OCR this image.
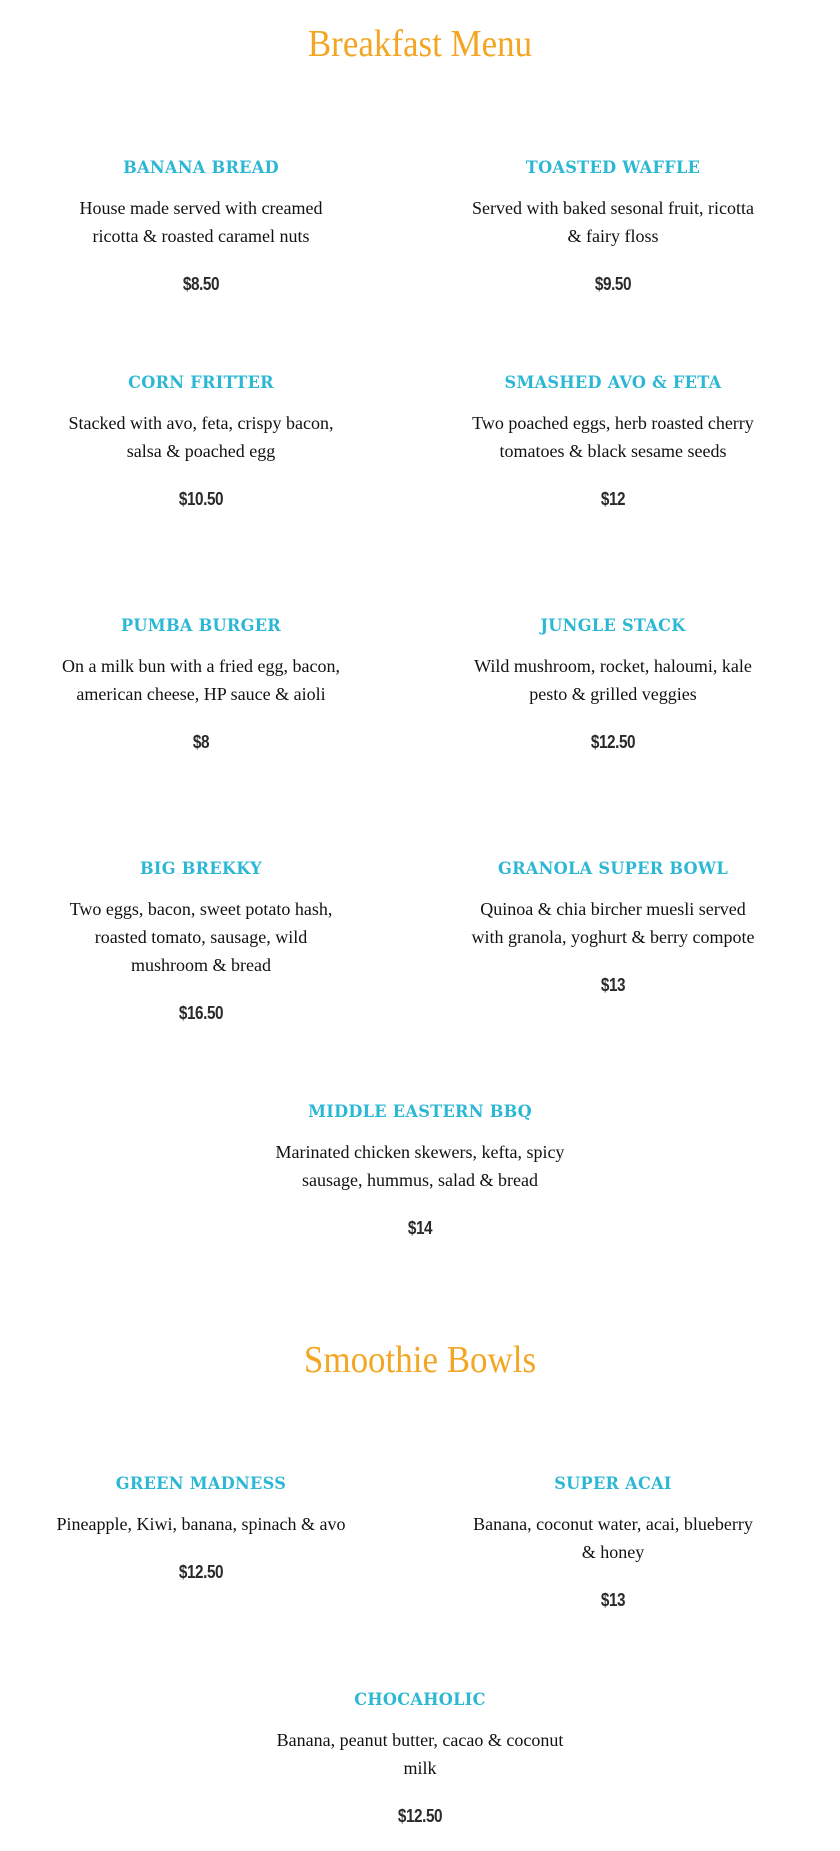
Breakfast Menu
BANANA BREAD
House made served with creamed ricotta & roasted caramel nuts
$8.50
TOASTED WAFFLE
Served with baked sesonal fruit, ricotta & fairy floss
$9.50
CORN FRITTER
Stacked with avo, feta, crispy bacon, salsa & poached egg
$10.50
SMASHED AVO & FETA
Two poached eggs, herb roasted cherry tomatoes & black sesame seeds
$12
PUMBA BURGER
On a milk bun with a fried egg, bacon, american cheese, HP sauce & aioli
$8
JUNGLE STACK
Wild mushroom, rocket, haloumi, kale pesto & grilled veggies
$12.50
BIG BREKKY
Two eggs, bacon, sweet potato hash, roasted tomato, sausage, wild mushroom & bread
$16.50
GRANOLA SUPER BOWL
Quinoa & chia bircher muesli served with granola, yoghurt & berry compote
$13
MIDDLE EASTERN BBQ
Marinated chicken skewers, kefta, spicy sausage, hummus, salad & bread
$14
Smoothie Bowls
GREEN MADNESS
Pineapple, Kiwi, banana, spinach & avo
$12.50
SUPER ACAI
Banana, coconut water, acai, blueberry & honey
$13
CHOCAHOLIC
Banana, peanut butter, cacao & coconut milk
$12.50
